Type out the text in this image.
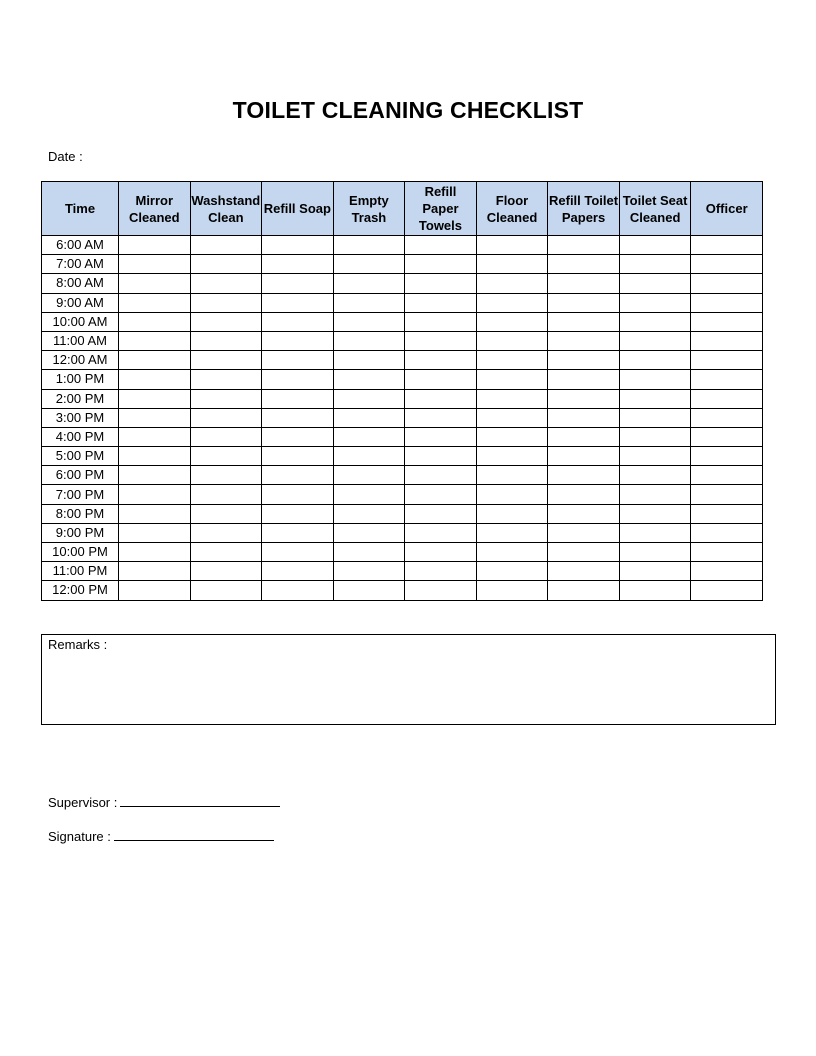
TOILET CLEANING CHECKLIST
Date :
Time	Mirror Cleaned	Washstand Clean	Refill Soap	Empty Trash	Refill Paper Towels	Floor Cleaned	Refill Toilet Papers	Toilet Seat Cleaned	Officer
6:00 AM									
7:00 AM									
8:00 AM									
9:00 AM									
10:00 AM									
11:00 AM									
12:00 AM									
1:00 PM									
2:00 PM									
3:00 PM									
4:00 PM									
5:00 PM									
6:00 PM									
7:00 PM									
8:00 PM									
9:00 PM									
10:00 PM									
11:00 PM									
12:00 PM									
Remarks :
Supervisor :
Signature :
